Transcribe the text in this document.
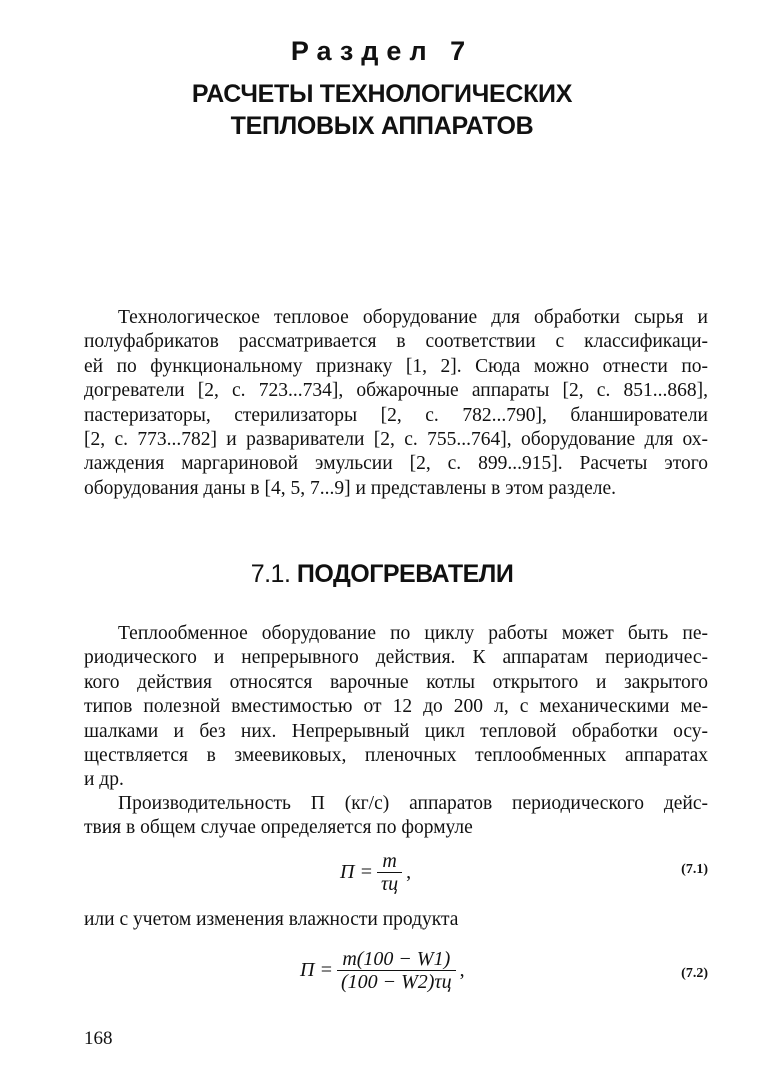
Раздел 7
РАСЧЕТЫ ТЕХНОЛОГИЧЕСКИХ
ТЕПЛОВЫХ АППАРАТОВ
Технологическое тепловое оборудование для обработки сырья и
полуфабрикатов рассматривается в соответствии с классификаци-
ей по функциональному признаку [1, 2]. Сюда можно отнести по-
догреватели [2, с. 723...734], обжарочные аппараты [2, с. 851...868],
пастеризаторы, стерилизаторы [2, с. 782...790], бланширователи
[2, с. 773...782] и развариватели [2, с. 755...764], оборудование для ох-
лаждения маргариновой эмульсии [2, с. 899...915]. Расчеты этого
оборудования даны в [4, 5, 7...9] и представлены в этом разделе.
7.1. ПОДОГРЕВАТЕЛИ
Теплообменное оборудование по циклу работы может быть пе-
риодического и непрерывного действия. К аппаратам периодичес-
кого действия относятся варочные котлы открытого и закрытого
типов полезной вместимостью от 12 до 200 л, с механическими ме-
шалками и без них. Непрерывный цикл тепловой обработки осу-
ществляется в змеевиковых, пленочных теплообменных аппаратах
и др.
Производительность П (кг/с) аппаратов периодического дейс-
твия в общем случае определяется по формуле
$П = \frac{m}{\tau ц}$ ,	(7.1)
или с учетом изменения влажности продукта
$П = \frac{m(100 - W1)}{(100 - W2)\tau ц}$ ,	(7.2)
168
